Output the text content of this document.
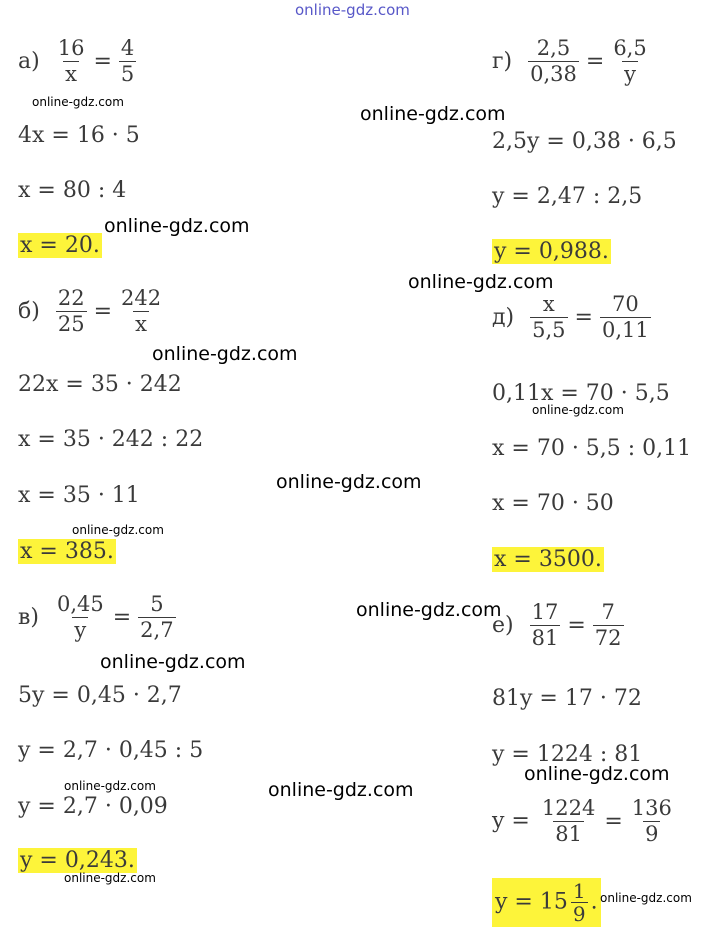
online-gdz.com
$а) \frac{16}{x} = \frac{4}{5}$
4x = 16 · 5
x = 80 : 4
x = 20.
$б) \frac{22}{25} = \frac{242}{x}$
22x = 35 · 242
x = 35 · 242 : 22
x = 35 · 11
x = 385.
$в) \frac{0,45}{y} = \frac{5}{2,7}$
5y = 0,45 · 2,7
y = 2,7 · 0,45 : 5
y = 2,7 · 0,09
y = 0,243.
$г) \frac{2,5}{0,38} = \frac{6,5}{y}$
2,5y = 0,38 · 6,5
y = 2,47 : 2,5
y = 0,988.
$д) \frac{x}{5,5} = \frac{70}{0,11}$
0,11x = 70 · 5,5
x = 70 · 5,5 : 0,11
x = 70 · 50
x = 3500.
$е) \frac{17}{81} = \frac{7}{72}$
81y = 17 · 72
y = 1224 : 81
$y = \frac{1224}{81} = \frac{136}{9}$
$y = 15 \frac{1}{9}$ .
online-gdz.com
online-gdz.com
online-gdz.com
online-gdz.com
online-gdz.com
online-gdz.com
online-gdz.com
online-gdz.com
online-gdz.com
online-gdz.com
online-gdz.com
online-gdz.com	online-gdz.com
online-gdz.com
online-gdz.com
